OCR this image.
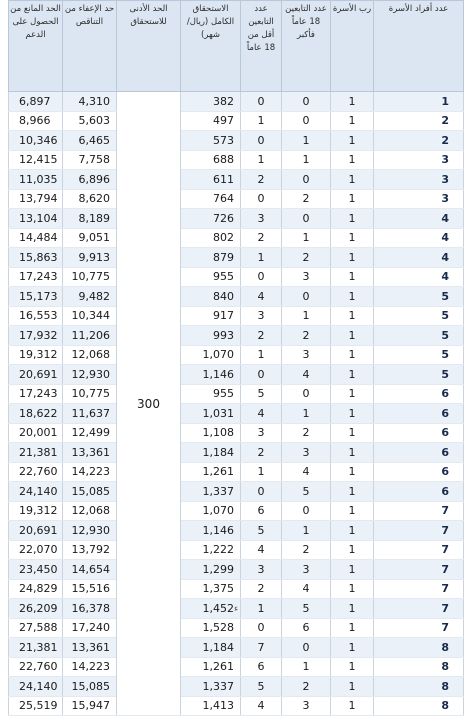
الحد المانع من الحصول على الدعم	حد الإعفاء من التناقص	الحد الأدنى للاستحقاق	الاستحقاق الكامل (ريال/شهر)	عدد التابعين أقل من 18 عاماً	عدد التابعين 18 عاماً فأكبر	رب الأسرة	عدد أفراد الأسرة
6,897	4,310	300	382	0	0	1	1
8,966	5,603		497	1	0	1	2
10,346	6,465		573	0	1	1	2
12,415	7,758		688	1	1	1	3
11,035	6,896		611	2	0	1	3
13,794	8,620		764	0	2	1	3
13,104	8,189		726	3	0	1	4
14,484	9,051		802	2	1	1	4
15,863	9,913		879	1	2	1	4
17,243	10,775		955	0	3	1	4
15,173	9,482		840	4	0	1	5
16,553	10,344		917	3	1	1	5
17,932	11,206		993	2	2	1	5
19,312	12,068		1,070	1	3	1	5
20,691	12,930		1,146	0	4	1	5
17,243	10,775		955	5	0	1	6
18,622	11,637		1,031	4	1	1	6
20,001	12,499		1,108	3	2	1	6
21,381	13,361		1,184	2	3	1	6
22,760	14,223		1,261	1	4	1	6
24,140	15,085		1,337	0	5	1	6
19,312	12,068		1,070	6	0	1	7
20,691	12,930		1,146	5	1	1	7
22,070	13,792		1,222	4	2	1	7
23,450	14,654		1,299	3	3	1	7
24,829	15,516		1,375	2	4	1	7
26,209	16,378		1,452	1	5	1	7
27,588	17,240		1,528	0	6	1	7
21,381	13,361		1,184	7	0	1	8
22,760	14,223		1,261	6	1	1	8
24,140	15,085		1,337	5	2	1	8
25,519	15,947		1,413	4	3	1	8
ء
